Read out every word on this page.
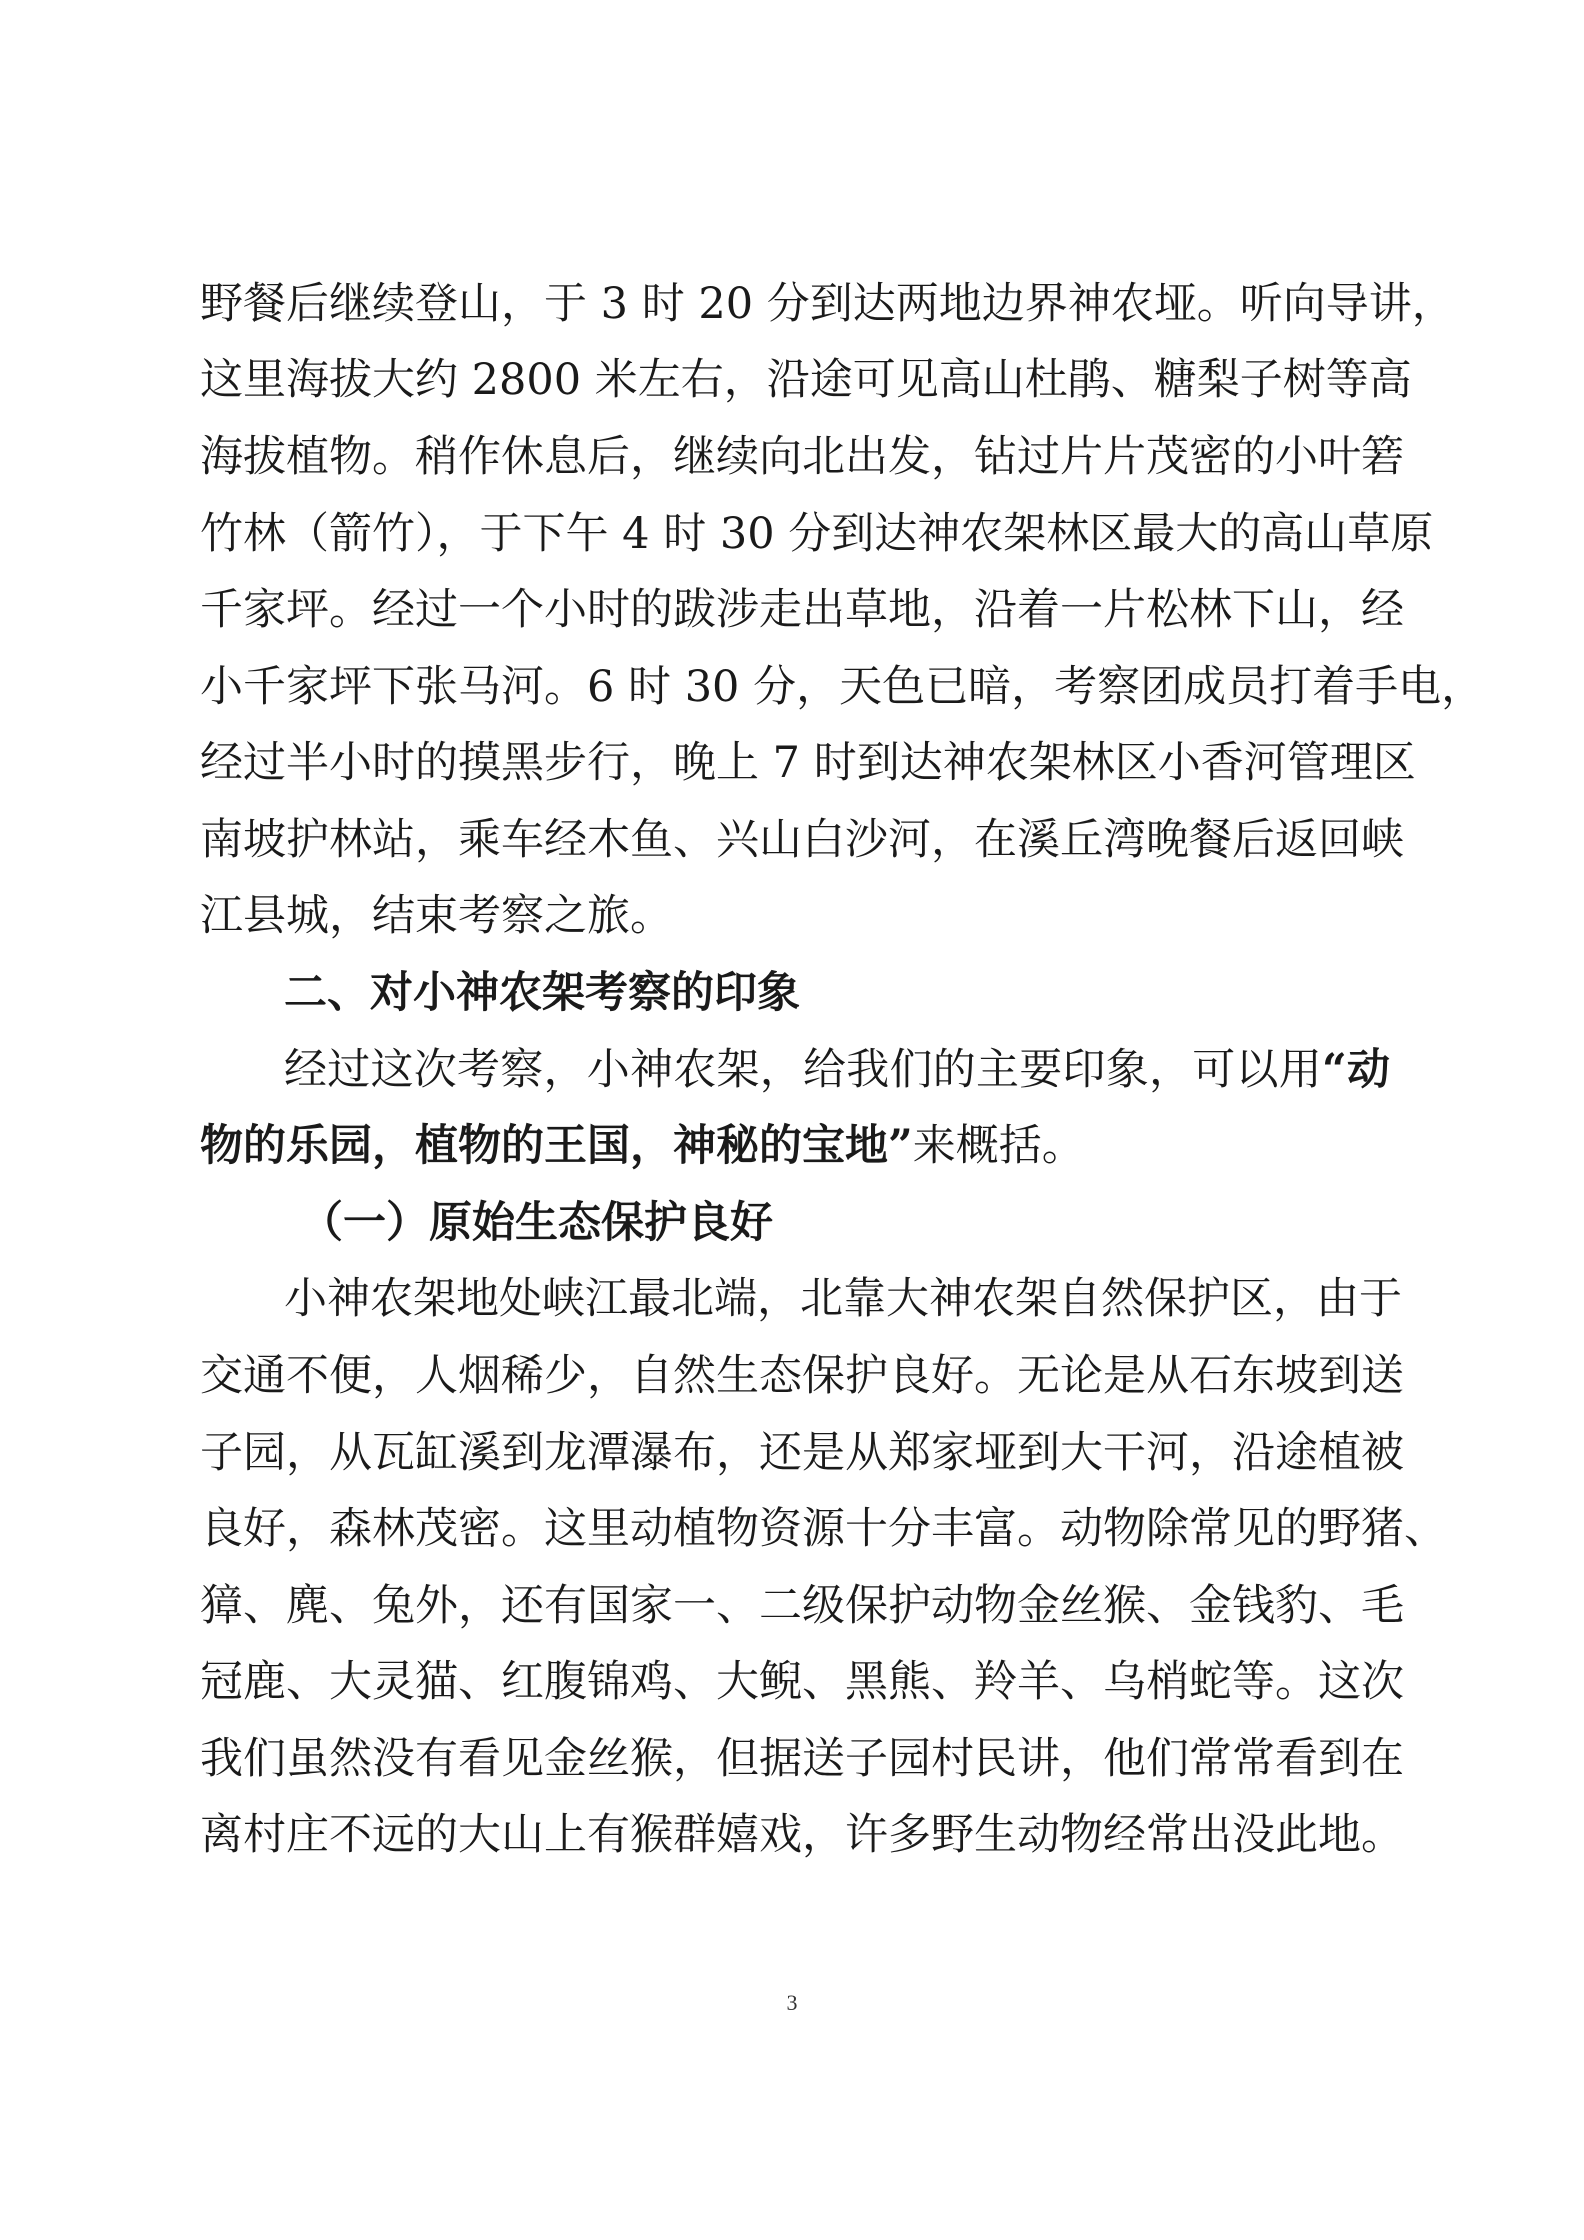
野餐后继续登山，于 3 时 20 分到达两地边界神农垭。听向导讲，
这里海拔大约 2800 米左右，沿途可见高山杜鹃、糖梨子树等高
海拔植物。稍作休息后，继续向北出发，钻过片片茂密的小叶箬
竹林（箭竹），于下午 4 时 30 分到达神农架林区最大的高山草原
千家坪。经过一个小时的跋涉走出草地，沿着一片松林下山，经
小千家坪下张马河。6 时 30 分，天色已暗，考察团成员打着手电，
经过半小时的摸黑步行，晚上 7 时到达神农架林区小香河管理区
南坡护林站，乘车经木鱼、兴山白沙河，在溪丘湾晚餐后返回峡
江县城，结束考察之旅。
二、对小神农架考察的印象
经过这次考察，小神农架，给我们的主要印象，可以用“动
物的乐园，植物的王国，神秘的宝地”来概括。
（一）原始生态保护良好
小神农架地处峡江最北端，北靠大神农架自然保护区，由于
交通不便，人烟稀少，自然生态保护良好。无论是从石东坡到送
子园，从瓦缸溪到龙潭瀑布，还是从郑家垭到大干河，沿途植被
良好，森林茂密。这里动植物资源十分丰富。动物除常见的野猪、
獐、麂、兔外，还有国家一、二级保护动物金丝猴、金钱豹、毛
冠鹿、大灵猫、红腹锦鸡、大鲵、黑熊、羚羊、乌梢蛇等。这次
我们虽然没有看见金丝猴，但据送子园村民讲，他们常常看到在
离村庄不远的大山上有猴群嬉戏，许多野生动物经常出没此地。
3
